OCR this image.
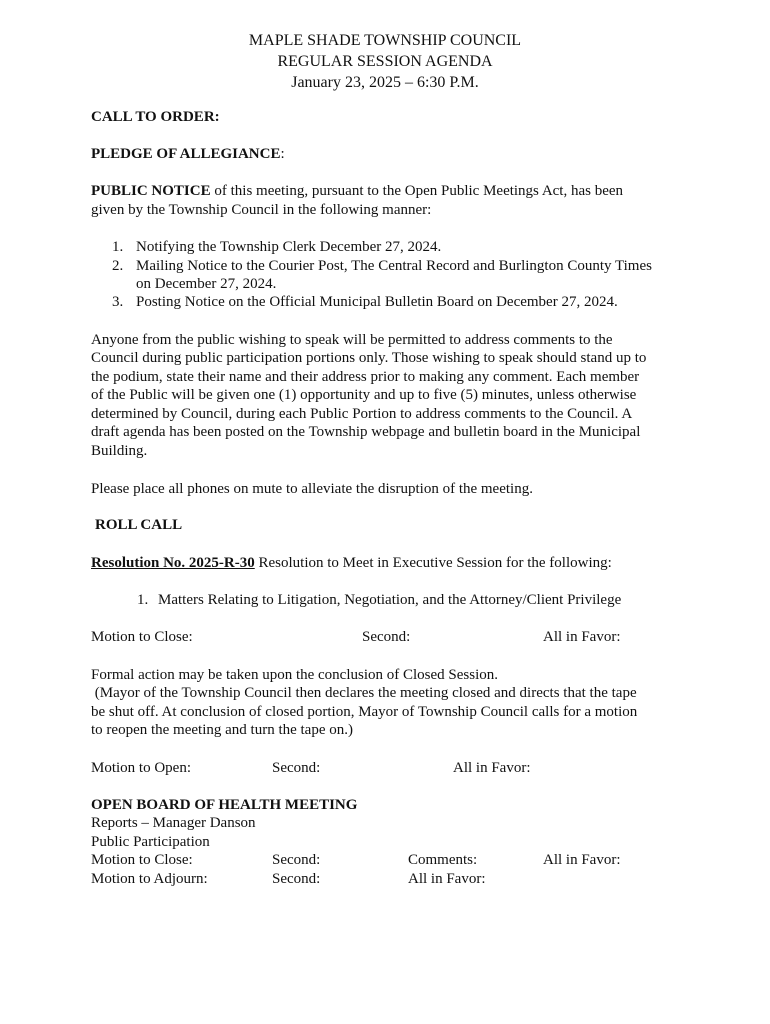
MAPLE SHADE TOWNSHIP COUNCIL
REGULAR SESSION AGENDA
January 23, 2025 – 6:30 P.M.
CALL TO ORDER:
PLEDGE OF ALLEGIANCE:
PUBLIC NOTICE of this meeting, pursuant to the Open Public Meetings Act, has been
given by the Township Council in the following manner:
1. Notifying the Township Clerk December 27, 2024.
2. Mailing Notice to the Courier Post, The Central Record and Burlington County Times
on December 27, 2024.
3. Posting Notice on the Official Municipal Bulletin Board on December 27, 2024.
Anyone from the public wishing to speak will be permitted to address comments to the
Council during public participation portions only. Those wishing to speak should stand up to
the podium, state their name and their address prior to making any comment. Each member
of the Public will be given one (1) opportunity and up to five (5) minutes, unless otherwise
determined by Council, during each Public Portion to address comments to the Council. A
draft agenda has been posted on the Township webpage and bulletin board in the Municipal
Building.
Please place all phones on mute to alleviate the disruption of the meeting.
ROLL CALL
Resolution No. 2025-R-30 Resolution to Meet in Executive Session for the following:
1. Matters Relating to Litigation, Negotiation, and the Attorney/Client Privilege
Motion to Close:	Second:	All in Favor:
Formal action may be taken upon the conclusion of Closed Session.
(Mayor of the Township Council then declares the meeting closed and directs that the tape
be shut off. At conclusion of closed portion, Mayor of Township Council calls for a motion
to reopen the meeting and turn the tape on.)
Motion to Open:	Second:	All in Favor:
OPEN BOARD OF HEALTH MEETING
Reports – Manager Danson
Public Participation
Motion to Close:	Second:	Comments:	All in Favor:
Motion to Adjourn:	Second:	All in Favor:
